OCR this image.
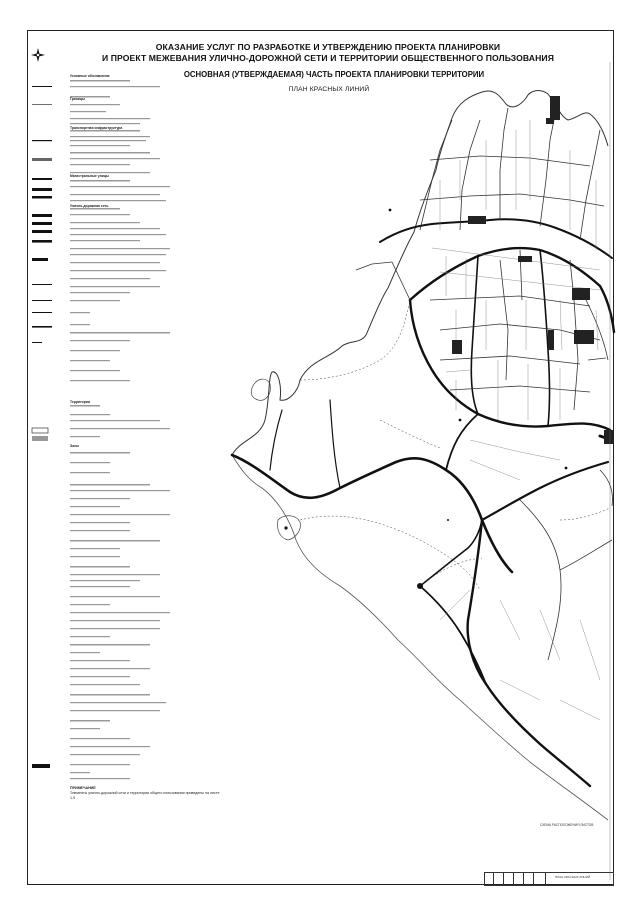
ОКАЗАНИЕ УСЛУГ ПО РАЗРАБОТКЕ И УТВЕРЖДЕНИЮ ПРОЕКТА ПЛАНИРОВКИ
И ПРОЕКТ МЕЖЕВАНИЯ УЛИЧНО-ДОРОЖНОЙ СЕТИ И ТЕРРИТОРИИ ОБЩЕСТВЕННОГО ПОЛЬЗОВАНИЯ
ОСНОВНАЯ (УТВЕРЖДАЕМАЯ) ЧАСТЬ ПРОЕКТА ПЛАНИРОВКИ ТЕРРИТОРИИ
ПЛАН КРАСНЫХ ЛИНИЙ
Условные обозначения
Границы
Транспортная инфраструктура
Магистральные улицы
Улично-дорожная сеть
Территории
Зоны
ПРИМЕЧАНИЕ
Элементы улично-дорожной сети и территории общего пользования приведены на листе 1.5
СХЕМА РАСПОЛОЖЕНИЯ ЛИСТОВ
ПЛАН КРАСНЫХ ЛИНИЙ
